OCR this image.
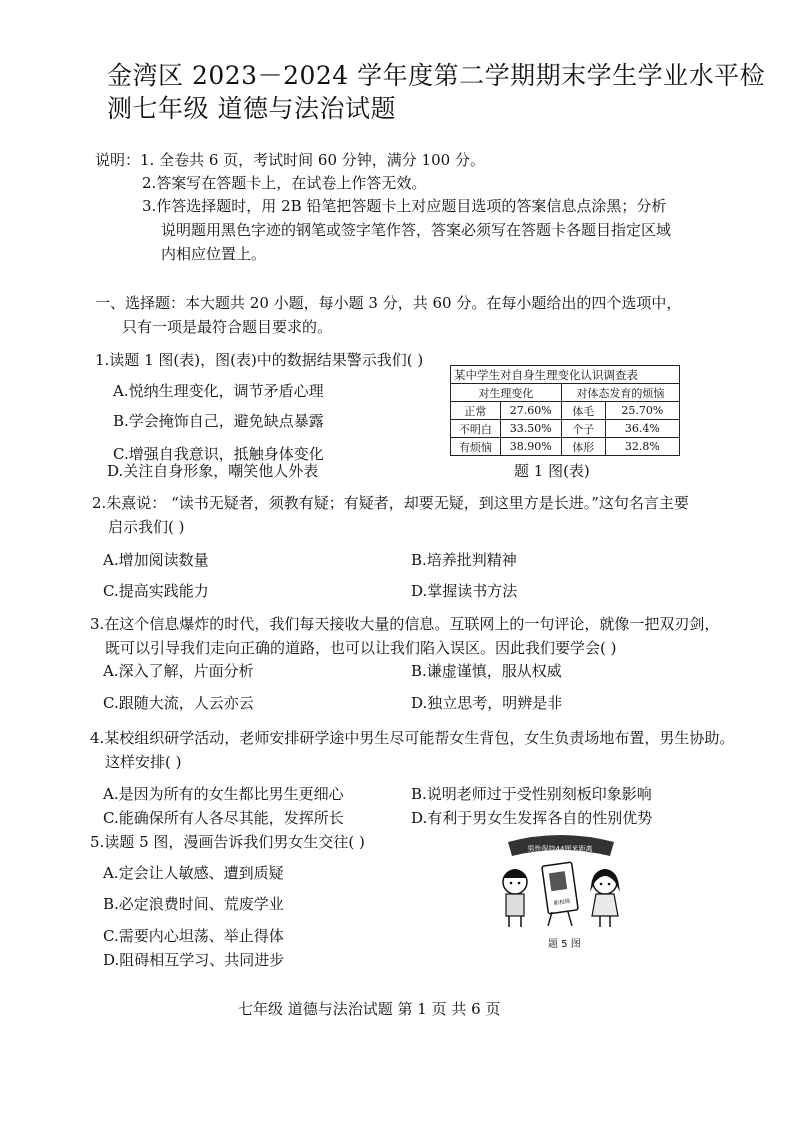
金湾区 2023－2024 学年度第二学期期末学生学业水平检
测七年级 道德与法治试题
说明：1. 全卷共 6 页，考试时间 60 分钟，满分 100 分。
2.答案写在答题卡上，在试卷上作答无效。
3.作答选择题时，用 2B 铅笔把答题卡上对应题目选项的答案信息点涂黑；分析
说明题用黑色字迹的钢笔或签字笔作答，答案必须写在答题卡各题目指定区域
内相应位置上。
一、选择题：本大题共 20 小题，每小题 3 分，共 60 分。在每小题给出的四个选项中，
只有一项是最符合题目要求的。
1.读题 1 图(表)，图(表)中的数据结果警示我们( )
A.悦纳生理变化，调节矛盾心理
B.学会掩饰自己，避免缺点暴露
C.增强自我意识，抵触身体变化
D.关注自身形象，嘲笑他人外表
某中学生对自身生理变化认识调查表			
对生理变化		对体态发育的烦恼	
正常	27.60%	体毛	25.70%
不明白	33.50%	个子	36.4%
有烦恼	38.90%	体形	32.8%
题 1 图(表)
2.朱熹说： “读书无疑者，须教有疑；有疑者，却要无疑，到这里方是长进。”这句名言主要
启示我们( )
A.增加阅读数量	B.培养批判精神
C.提高实践能力	D.掌握读书方法
3.在这个信息爆炸的时代，我们每天接收大量的信息。互联网上的一句评论，就像一把双刃剑，
既可以引导我们走向正确的道路，也可以让我们陷入误区。因此我们要学会( )
A.深入了解，片面分析	B.谦虚谨慎，服从权威
C.跟随大流，人云亦云	D.独立思考，明辨是非
4.某校组织研学活动，老师安排研学途中男生尽可能帮女生背包，女生负责场地布置，男生协助。
这样安排( )
A.是因为所有的女生都比男生更细心	B.说明老师过于受性别刻板印象影响
C.能确保所有人各尽其能，发挥所长	D.有利于男女生发挥各自的性别优势
5.读题 5 图，漫画告诉我们男女生交往( )
A.定会让人敏感、遭到质疑
B.必定浪费时间、荒废学业
C.需要内心坦荡、举止得体
D.阻碍相互学习、共同进步
男性保持44厘米距离
新校规
题 5 图
七年级 道德与法治试题 第 1 页 共 6 页
